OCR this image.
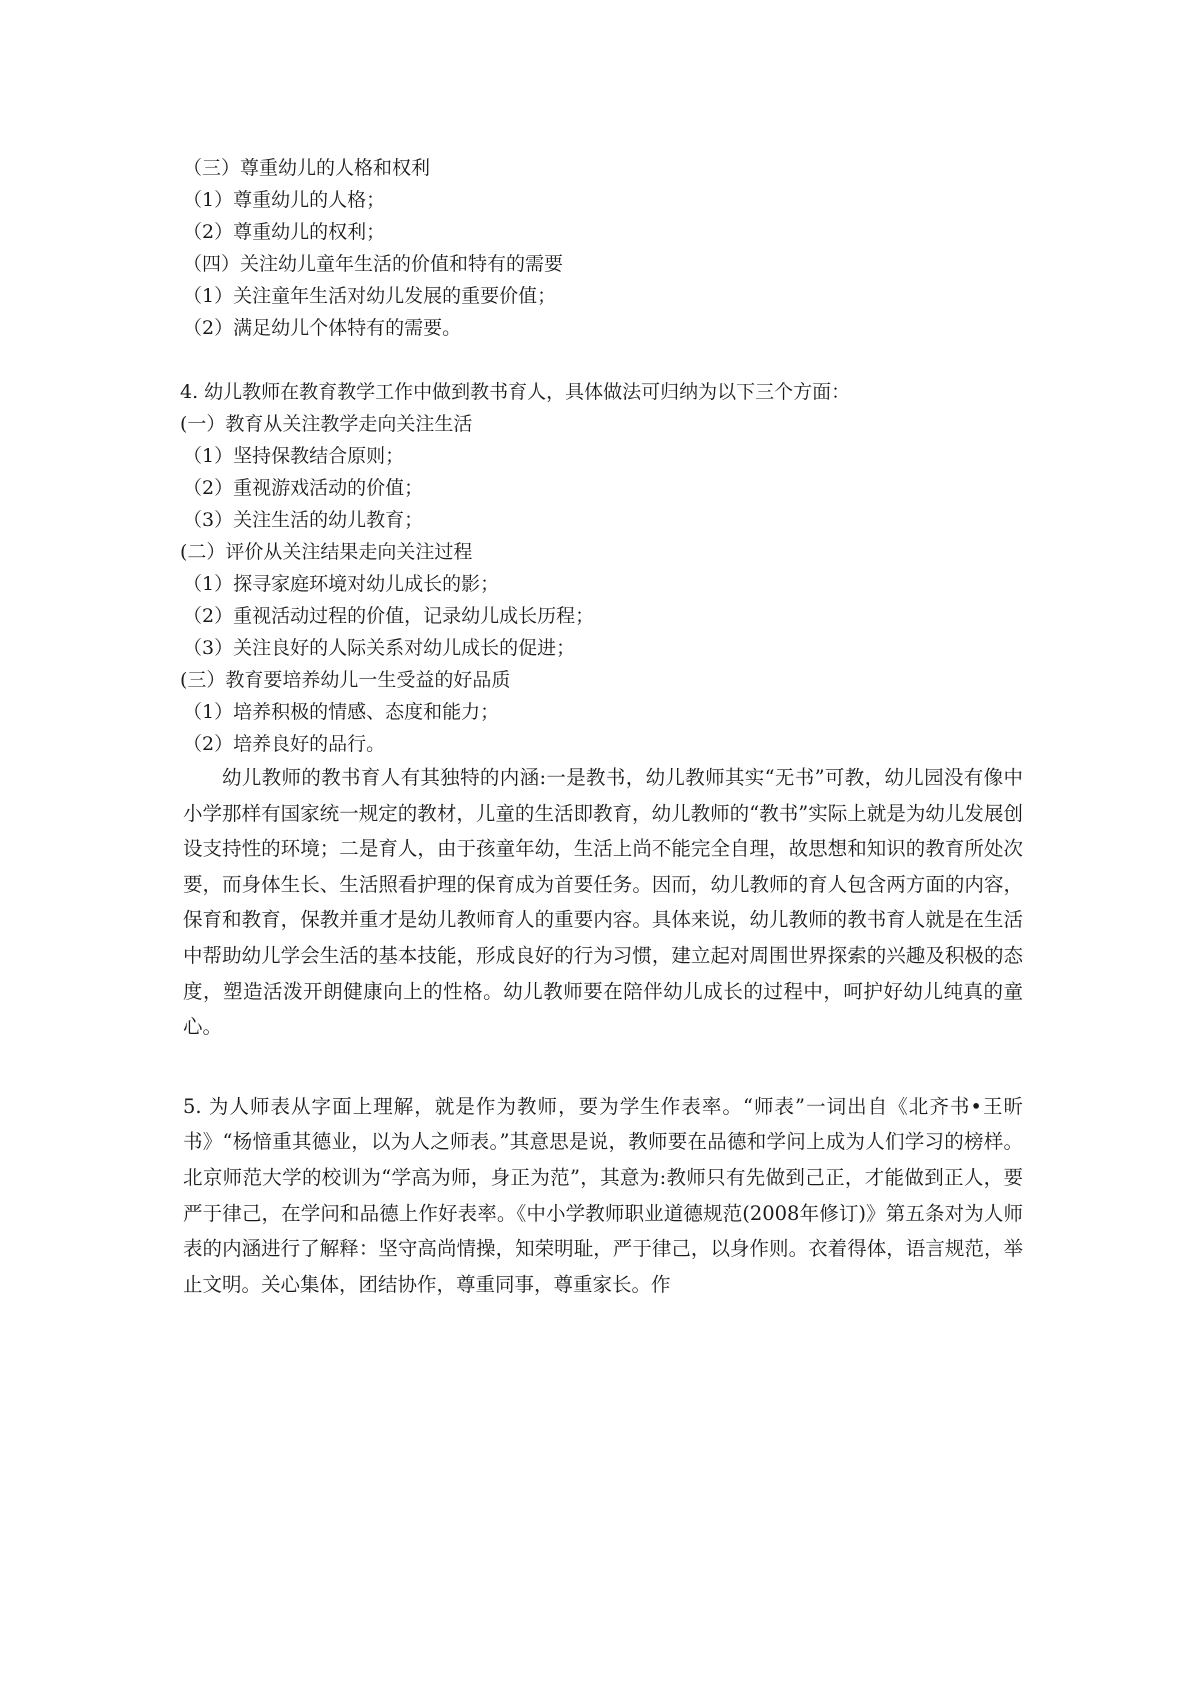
（三）尊重幼儿的人格和权利
（1）尊重幼儿的人格；
（2）尊重幼儿的权利；
（四）关注幼儿童年生活的价值和特有的需要
（1）关注童年生活对幼儿发展的重要价值；
（2）满足幼儿个体特有的需要。
4. 幼儿教师在教育教学工作中做到教书育人，具体做法可归纳为以下三个方面：
(一）教育从关注教学走向关注生活
（1）坚持保教结合原则；
（2）重视游戏活动的价值；
（3）关注生活的幼儿教育；
(二）评价从关注结果走向关注过程
（1）探寻家庭环境对幼儿成长的影；
（2）重视活动过程的价值，记录幼儿成长历程；
（3）关注良好的人际关系对幼儿成长的促进；
(三）教育要培养幼儿一生受益的好品质
（1）培养积极的情感、态度和能力；
（2）培养良好的品行。

幼儿教师的教书育人有其独特的内涵:一是教书，幼儿教师其实“无书”可教，幼儿园没有像中小学那样有国家统一规定的教材，儿童的生活即教育，幼儿教师的“教书”实际上就是为幼儿发展创设支持性的环境；二是育人，由于孩童年幼，生活上尚不能完全自理，故思想和知识的教育所处次要，而身体生长、生活照看护理的保育成为首要任务。因而，幼儿教师的育人包含两方面的内容，保育和教育，保教并重才是幼儿教师育人的重要内容。具体来说，幼儿教师的教书育人就是在生活中帮助幼儿学会生活的基本技能，形成良好的行为习惯，建立起对周围世界探索的兴趣及积极的态度，塑造活泼开朗健康向上的性格。幼儿教师要在陪伴幼儿成长的过程中，呵护好幼儿纯真的童心。

5. 为人师表从字面上理解，就是作为教师，要为学生作表率。“师表”一词出自《北齐书•王昕书》“杨愔重其德业，以为人之师表。”其意思是说，教师要在品德和学问上成为人们学习的榜样。北京师范大学的校训为“学高为师，身正为范”，其意为:教师只有先做到己正，才能做到正人，要严于律己，在学问和品德上作好表率。《中小学教师职业道德规范(2008年修订)》第五条对为人师表的内涵进行了解释：坚守高尚情操，知荣明耻，严于律己，以身作则。衣着得体，语言规范，举止文明。关心集体，团结协作，尊重同事，尊重家长。作
